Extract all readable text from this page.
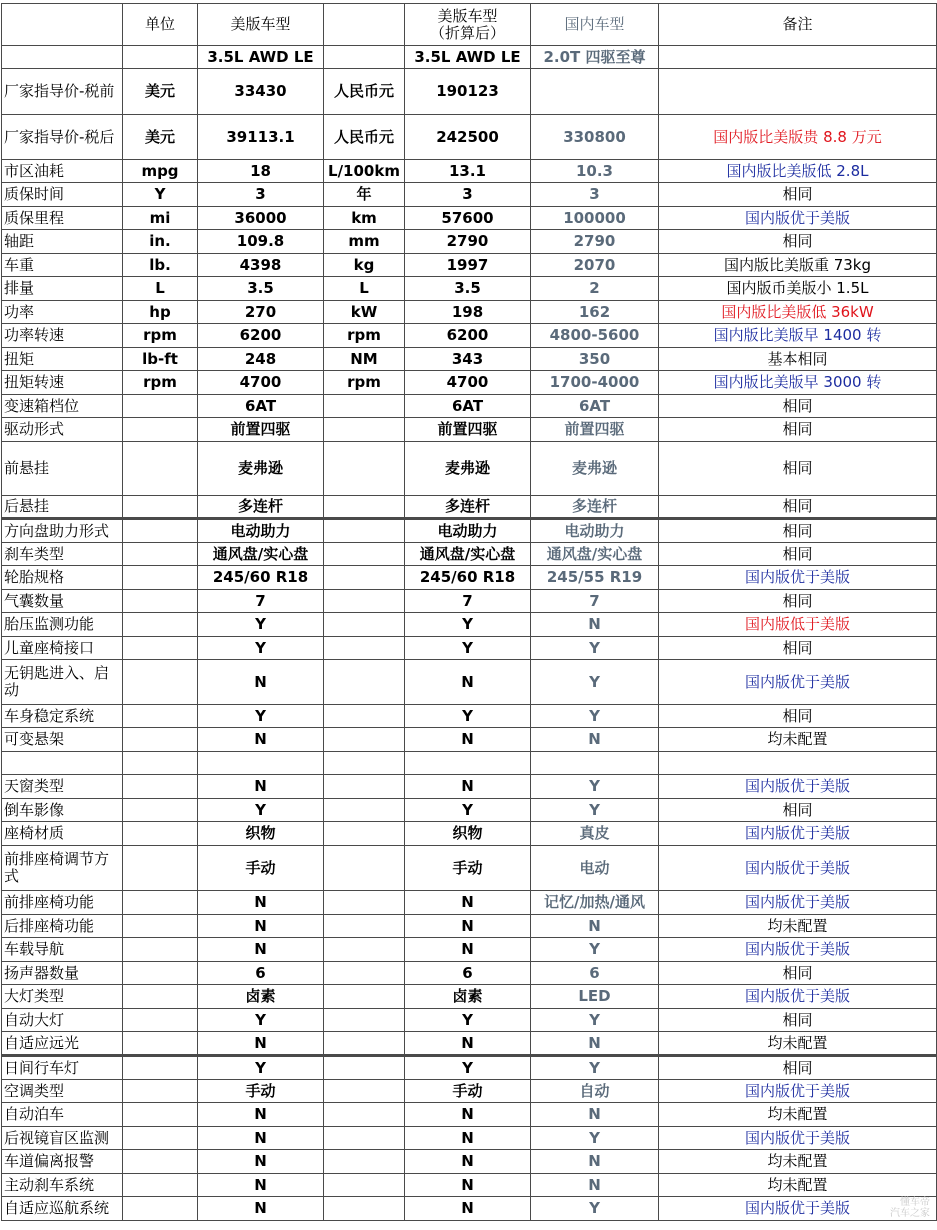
	单位	美版车型		美版车型
（折算后）	国内车型	备注
		3.5L AWD LE		3.5L AWD LE	2.0T 四驱至尊	
厂家指导价-税前	美元	33430	人民币元	190123		
厂家指导价-税后	美元	39113.1	人民币元	242500	330800	国内版比美版贵 8.8 万元
市区油耗	mpg	18	L/100km	13.1	10.3	国内版比美版低 2.8L
质保时间	Y	3	年	3	3	相同
质保里程	mi	36000	km	57600	100000	国内版优于美版
轴距	in.	109.8	mm	2790	2790	相同
车重	lb.	4398	kg	1997	2070	国内版比美版重 73kg
排量	L	3.5	L	3.5	2	国内版币美版小 1.5L
功率	hp	270	kW	198	162	国内版比美版低 36kW
功率转速	rpm	6200	rpm	6200	4800-5600	国内版比美版早 1400 转
扭矩	lb-ft	248	NM	343	350	基本相同
扭矩转速	rpm	4700	rpm	4700	1700-4000	国内版比美版早 3000 转
变速箱档位		6AT		6AT	6AT	相同
驱动形式		前置四驱		前置四驱	前置四驱	相同
前悬挂		麦弗逊		麦弗逊	麦弗逊	相同
后悬挂		多连杆		多连杆	多连杆	相同
方向盘助力形式		电动助力		电动助力	电动助力	相同
刹车类型		通风盘/实心盘		通风盘/实心盘	通风盘/实心盘	相同
轮胎规格		245/60 R18		245/60 R18	245/55 R19	国内版优于美版
气囊数量		7		7	7	相同
胎压监测功能		Y		Y	N	国内版低于美版
儿童座椅接口		Y		Y	Y	相同
无钥匙进入、启动		N		N	Y	国内版优于美版
车身稳定系统		Y		Y	Y	相同
可变悬架		N		N	N	均未配置

天窗类型		N		N	Y	国内版优于美版
倒车影像		Y		Y	Y	相同
座椅材质		织物		织物	真皮	国内版优于美版
前排座椅调节方式		手动		手动	电动	国内版优于美版
前排座椅功能		N		N	记忆/加热/通风	国内版优于美版
后排座椅功能		N		N	N	均未配置
车载导航		N		N	Y	国内版优于美版
扬声器数量		6		6	6	相同
大灯类型		卤素		卤素	LED	国内版优于美版
自动大灯		Y		Y	Y	相同
自适应远光		N		N	N	均未配置
日间行车灯		Y		Y	Y	相同
空调类型		手动		手动	自动	国内版优于美版
自动泊车		N		N	N	均未配置
后视镜盲区监测		N		N	Y	国内版优于美版
车道偏离报警		N		N	N	均未配置
主动刹车系统		N		N	N	均未配置
自适应巡航系统		N		N	Y	国内版优于美版	懂车帝
汽车之家
